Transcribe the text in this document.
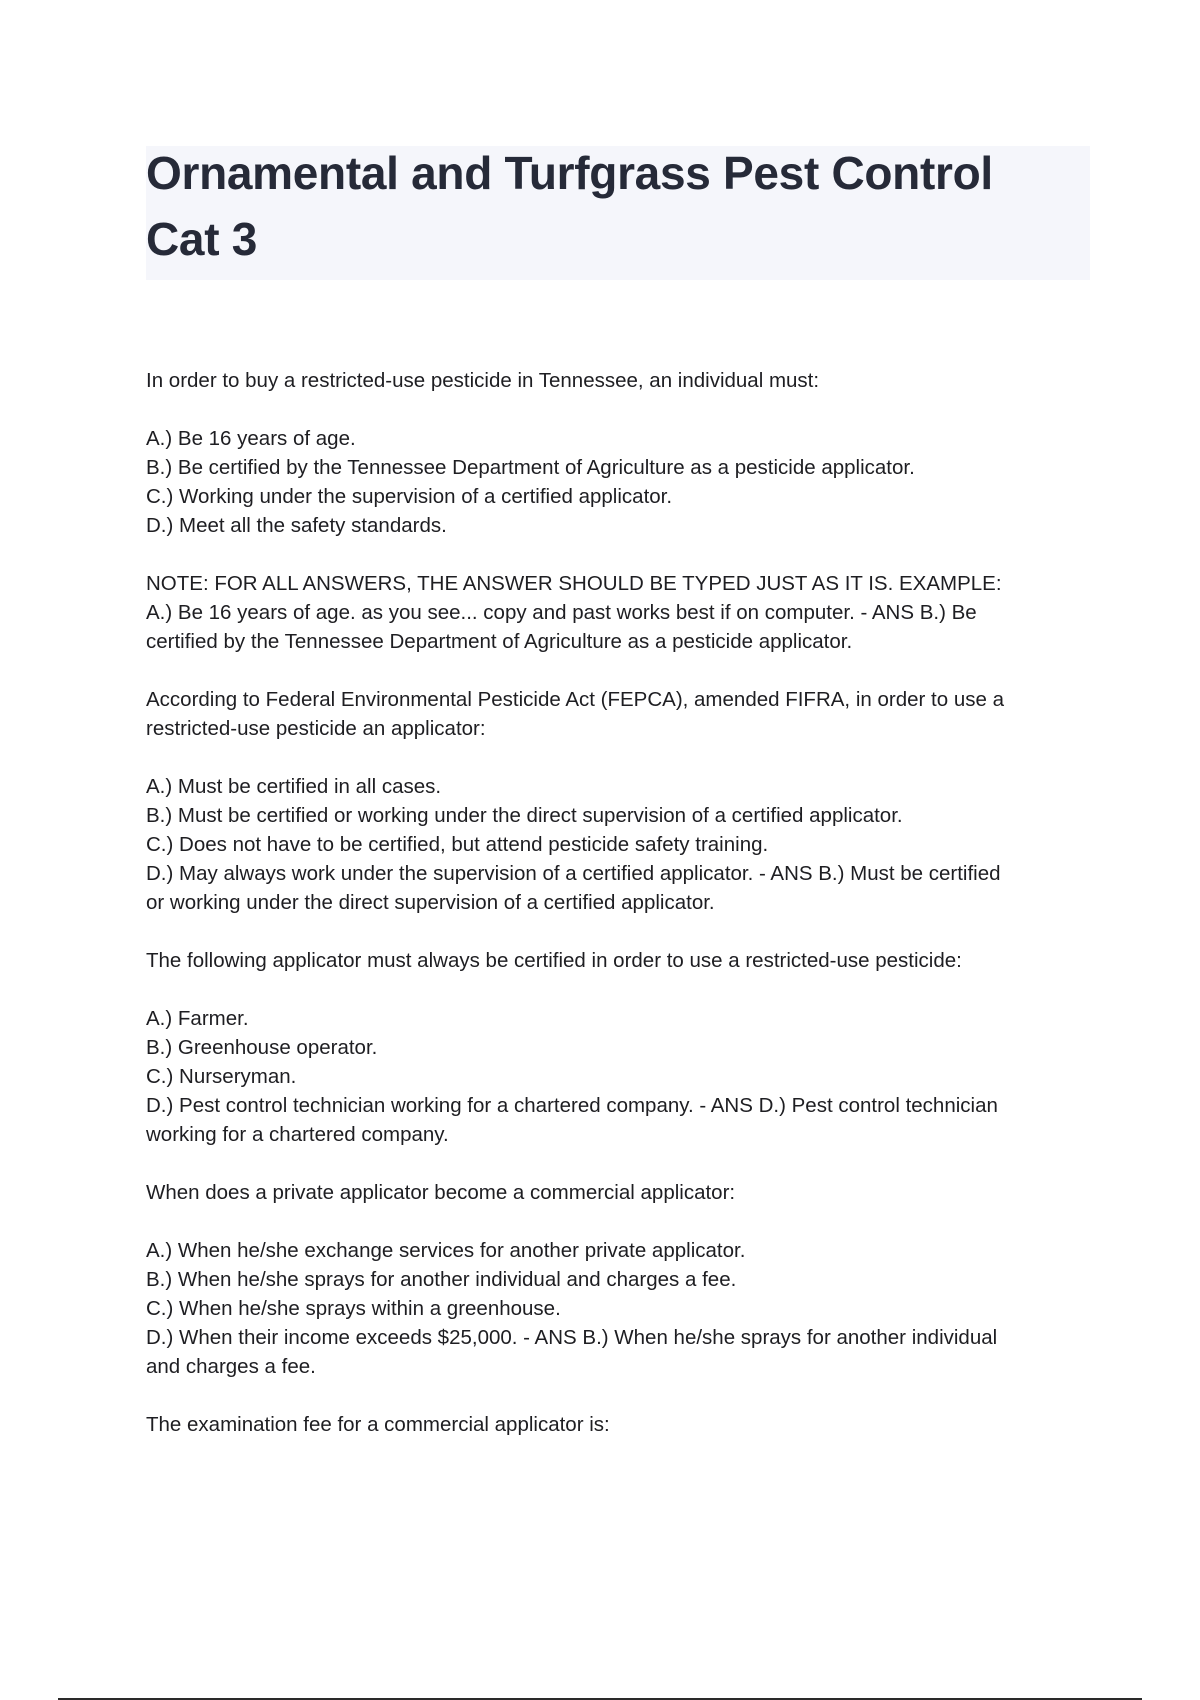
Ornamental and Turfgrass Pest Control
Cat 3
In order to buy a restricted-use pesticide in Tennessee, an individual must:
A.) Be 16 years of age.
B.) Be certified by the Tennessee Department of Agriculture as a pesticide applicator.
C.) Working under the supervision of a certified applicator.
D.) Meet all the safety standards.
NOTE: FOR ALL ANSWERS, THE ANSWER SHOULD BE TYPED JUST AS IT IS. EXAMPLE:
A.) Be 16 years of age. as you see... copy and past works best if on computer. - ANS B.) Be
certified by the Tennessee Department of Agriculture as a pesticide applicator.
According to Federal Environmental Pesticide Act (FEPCA), amended FIFRA, in order to use a
restricted-use pesticide an applicator:
A.) Must be certified in all cases.
B.) Must be certified or working under the direct supervision of a certified applicator.
C.) Does not have to be certified, but attend pesticide safety training.
D.) May always work under the supervision of a certified applicator. - ANS B.) Must be certified
or working under the direct supervision of a certified applicator.
The following applicator must always be certified in order to use a restricted-use pesticide:
A.) Farmer.
B.) Greenhouse operator.
C.) Nurseryman.
D.) Pest control technician working for a chartered company. - ANS D.) Pest control technician
working for a chartered company.
When does a private applicator become a commercial applicator:
A.) When he/she exchange services for another private applicator.
B.) When he/she sprays for another individual and charges a fee.
C.) When he/she sprays within a greenhouse.
D.) When their income exceeds $25,000. - ANS B.) When he/she sprays for another individual
and charges a fee.
The examination fee for a commercial applicator is:
